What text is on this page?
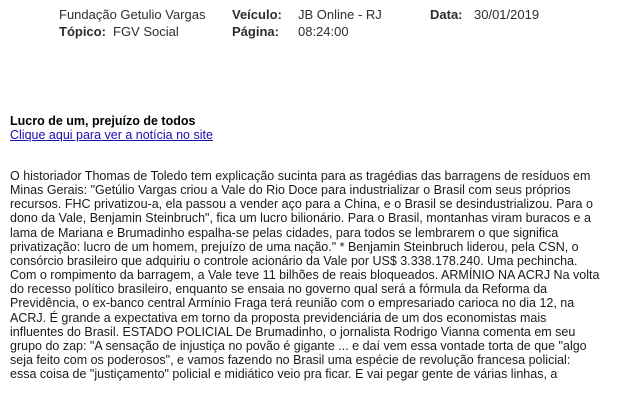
Fundação Getulio Vargas Veículo: JB Online - RJ	Data: 30/01/2019
Tópico: FGV Social	Página: 08:24:00
Lucro de um, prejuízo de todos
Clique aqui para ver a notícia no site
O historiador Thomas de Toledo tem explicação sucinta para as tragédias das barragens de resíduos em
Minas Gerais: "Getúlio Vargas criou a Vale do Rio Doce para industrializar o Brasil com seus próprios
recursos. FHC privatizou-a, ela passou a vender aço para a China, e o Brasil se desindustrializou. Para o
dono da Vale, Benjamin Steinbruch", fica um lucro bilionário. Para o Brasil, montanhas viram buracos e a
lama de Mariana e Brumadinho espalha-se pelas cidades, para todos se lembrarem o que significa
privatização: lucro de um homem, prejuízo de uma nação." * Benjamin Steinbruch liderou, pela CSN, o
consórcio brasileiro que adquiriu o controle acionário da Vale por US$ 3.338.178.240. Uma pechincha.
Com o rompimento da barragem, a Vale teve 11 bilhões de reais bloqueados. ARMÍNIO NA ACRJ Na volta
do recesso político brasileiro, enquanto se ensaia no governo qual será a fórmula da Reforma da
Previdência, o ex-banco central Armínio Fraga terá reunião com o empresariado carioca no dia 12, na
ACRJ. É grande a expectativa em torno da proposta previdenciária de um dos economistas mais
influentes do Brasil. ESTADO POLICIAL De Brumadinho, o jornalista Rodrigo Vianna comenta em seu
grupo do zap: "A sensação de injustiça no povão é gigante ... e daí vem essa vontade torta de que "algo
seja feito com os poderosos", e vamos fazendo no Brasil uma espécie de revolução francesa policial:
essa coisa de "justiçamento" policial e midiático veio pra ficar. E vai pegar gente de várias linhas, a
